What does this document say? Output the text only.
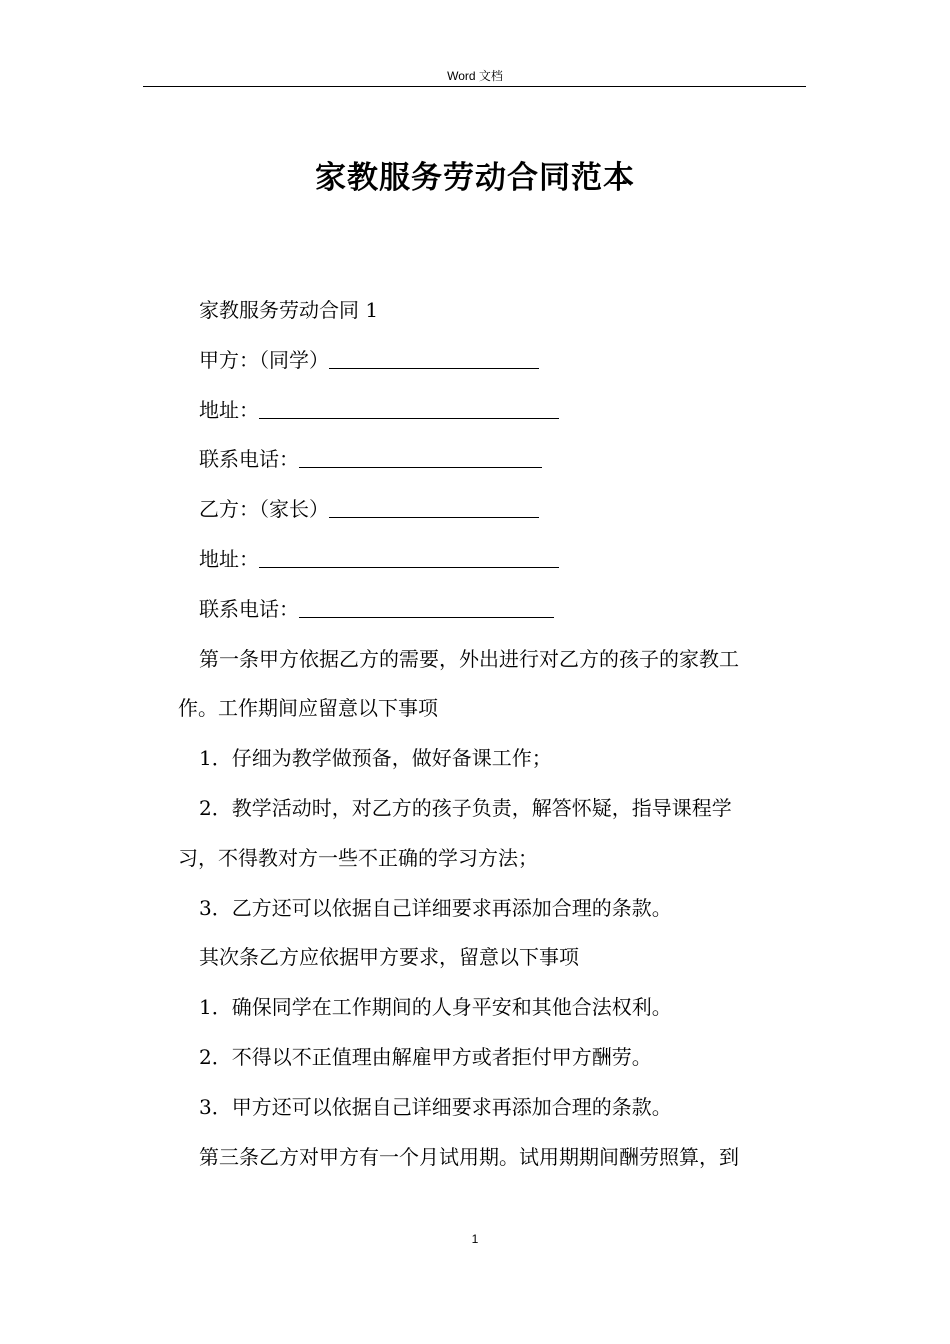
Word 文档
家教服务劳动合同范本
家教服务劳动合同 1
甲方：（同学）
地址：
联系电话：
乙方：（家长）
地址：
联系电话：
第一条甲方依据乙方的需要，外出进行对乙方的孩子的家教工
作。工作期间应留意以下事项
1．仔细为教学做预备，做好备课工作；
2．教学活动时，对乙方的孩子负责，解答怀疑，指导课程学
习，不得教对方一些不正确的学习方法；
3．乙方还可以依据自己详细要求再添加合理的条款。
其次条乙方应依据甲方要求，留意以下事项
1．确保同学在工作期间的人身平安和其他合法权利。
2．不得以不正值理由解雇甲方或者拒付甲方酬劳。
3．甲方还可以依据自己详细要求再添加合理的条款。
第三条乙方对甲方有一个月试用期。试用期期间酬劳照算，到
1
